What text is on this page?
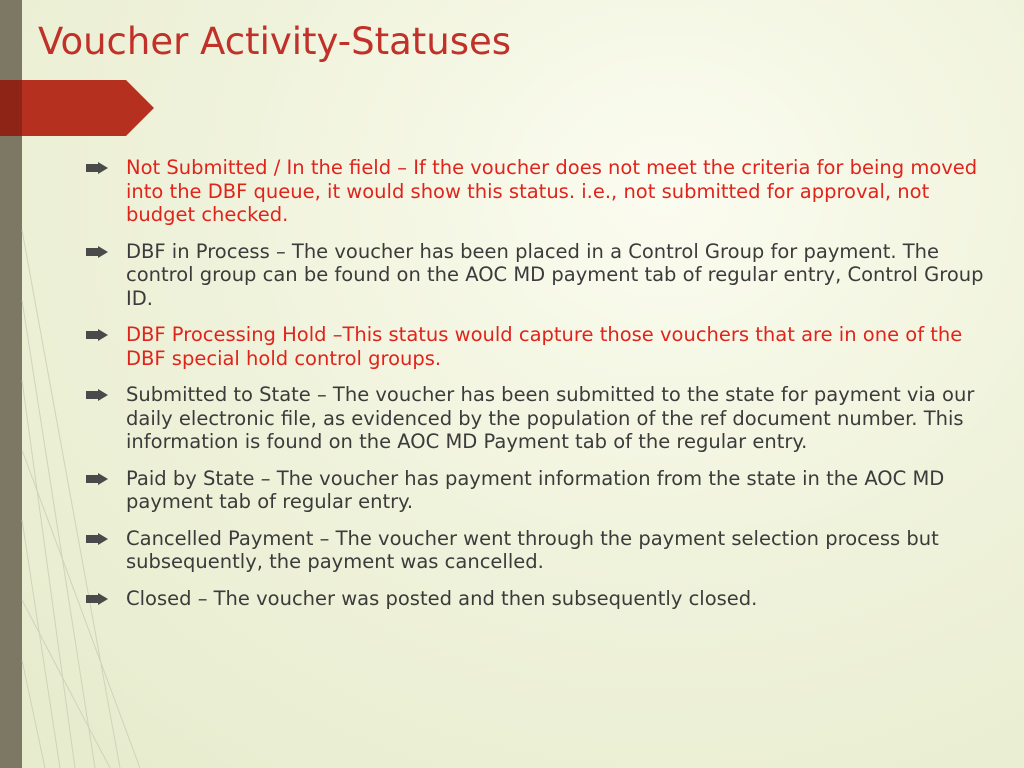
Voucher Activity-Statuses
Not Submitted / In the field – If the voucher does not meet the criteria for being moved into the DBF queue, it would show this status. i.e., not submitted for approval, not budget checked.
DBF in Process – The voucher has been placed in a Control Group for payment. The control group can be found on the AOC MD payment tab of regular entry, Control Group ID.
DBF Processing Hold –This status would capture those vouchers that are in one of the DBF special hold control groups.
Submitted to State – The voucher has been submitted to the state for payment via our daily electronic file, as evidenced by the population of the ref document number. This information is found on the AOC MD Payment tab of the regular entry.
Paid by State – The voucher has payment information from the state in the AOC MD payment tab of regular entry.
Cancelled Payment – The voucher went through the payment selection process but subsequently, the payment was cancelled.
Closed – The voucher was posted and then subsequently closed.
